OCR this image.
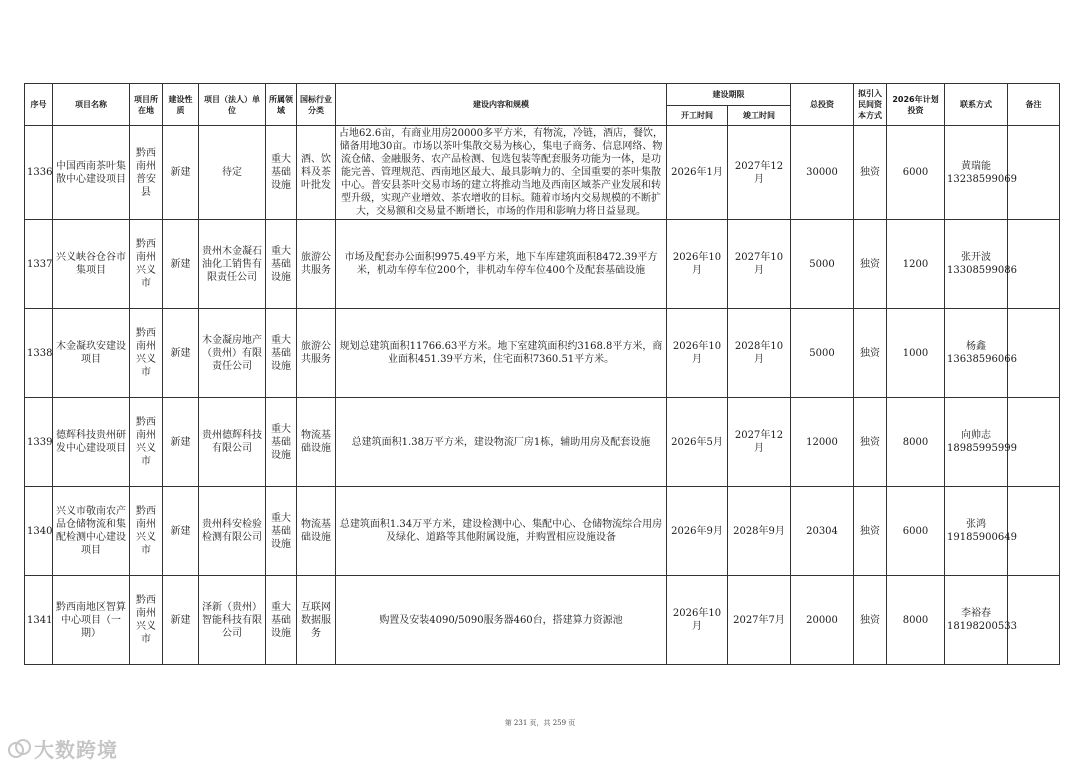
序号	项目名称	项目所在地	建设性质	项目（法人）单位	所属领域	国标行业分类	建设内容和规模	建设期限		总投资	拟引入民间资本方式	2026年计划投资	联系方式	备注
								开工时间	竣工时间					
1336	中国西南茶叶集散中心建设项目	黔西南州普安县	新建	待定	重大基础设施	酒、饮料及茶叶批发	占地62.6亩，有商业用房20000多平方米，有物流，冷链，酒店，餐饮，储备用地30亩。市场以茶叶集散交易为核心，集电子商务、信息网络、物流仓储、金融服务、农产品检测、包选包装等配套服务功能为一体，是功能完善、管理规范、西南地区最大、最具影响力的、全国重要的茶叶集散中心。普安县茶叶交易市场的建立将推动当地及西南区域茶产业发展和转型升级，实现产业增效、茶农增收的目标。随着市场内交易规模的不断扩大，交易额和交易量不断增长，市场的作用和影响力将日益显现。	2026年1月	2027年12月	30000	独资	6000	黄瑞能
13238599069	

1337	兴义峡谷仓谷市集项目	黔西南州兴义市	新建	贵州木金凝石油化工销售有限责任公司	重大基础设施	旅游公共服务	市场及配套办公面积9975.49平方米，地下车库建筑面积8472.39平方米，机动车停车位200个，非机动车停车位400个及配套基础设施	2026年10月	2027年10月	5000	独资	1200	张开波
13308599086	

1338	木金凝玖安建设项目	黔西南州兴义市	新建	木金凝房地产（贵州）有限责任公司	重大基础设施	旅游公共服务	规划总建筑面积11766.63平方米。地下室建筑面积约3168.8平方米，商业面积451.39平方米，住宅面积7360.51平方米。	2026年10月	2028年10月	5000	独资	1000	杨鑫
13638596066	

1339	德辉科技贵州研发中心建设项目	黔西南州兴义市	新建	贵州德辉科技有限公司	重大基础设施	物流基础设施	总建筑面积1.38万平方米，建设物流厂房1栋，辅助用房及配套设施	2026年5月	2027年12月	12000	独资	8000	向帅志
18985995999	

1340	兴义市敬南农产品仓储物流和集配检测中心建设项目	黔西南州兴义市	新建	贵州科安检验检测有限公司	重大基础设施	物流基础设施	总建筑面积1.34万平方米，建设检测中心、集配中心、仓储物流综合用房及绿化、道路等其他附属设施，并购置相应设施设备	2026年9月	2028年9月	20304	独资	6000	张鸿
19185900649	

1341	黔西南地区智算中心项目（一期）	黔西南州兴义市	新建	泽新（贵州）智能科技有限公司	重大基础设施	互联网数据服务	购置及安装4090/5090服务器460台，搭建算力资源池	2026年10月	2027年7月	20000	独资	8000	李裕春
18198200533	

第 231 页，共 259 页
大数跨境
